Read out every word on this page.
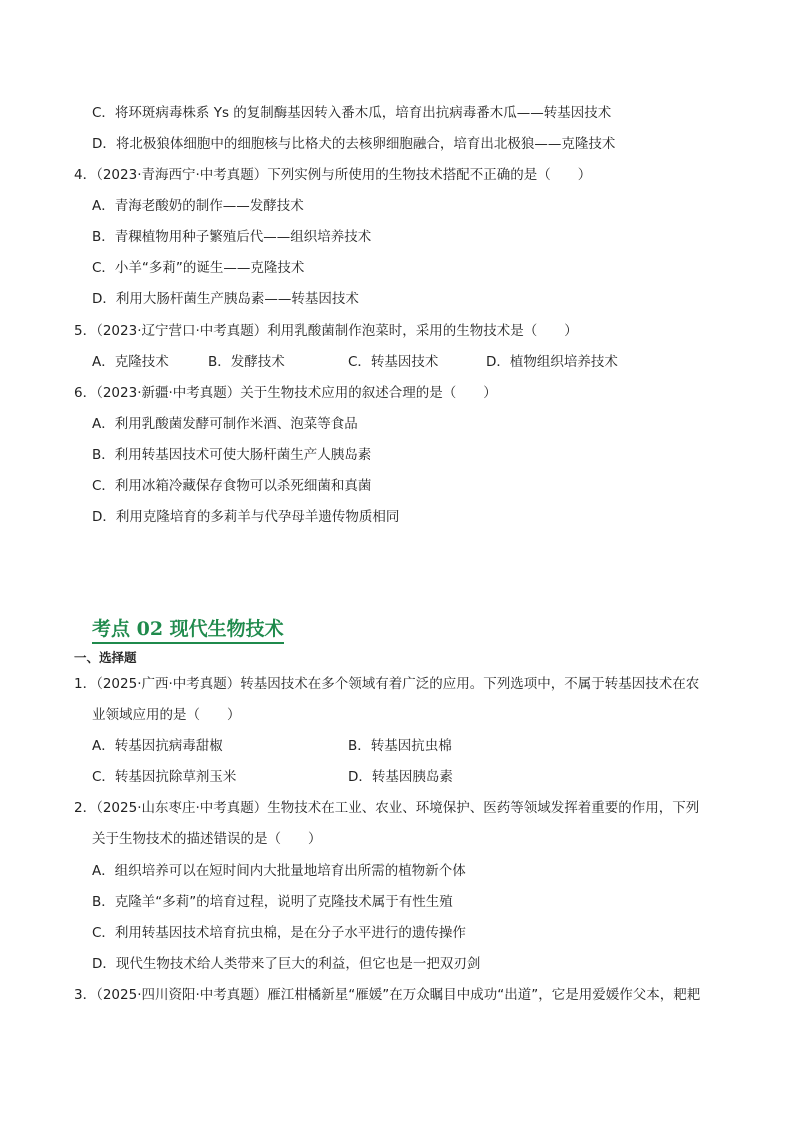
C．将环斑病毒株系 Ys 的复制酶基因转入番木瓜，培育出抗病毒番木瓜——转基因技术
D．将北极狼体细胞中的细胞核与比格犬的去核卵细胞融合，培育出北极狼——克隆技术
4．（2023·青海西宁·中考真题）下列实例与所使用的生物技术搭配不正确的是（　　）
A．青海老酸奶的制作——发酵技术
B．青稞植物用种子繁殖后代——组织培养技术
C．小羊“多莉”的诞生——克隆技术
D．利用大肠杆菌生产胰岛素——转基因技术
5．（2023·辽宁营口·中考真题）利用乳酸菌制作泡菜时，采用的生物技术是（　　）
A．克隆技术	B．发酵技术	C．转基因技术	D．植物组织培养技术
6．（2023·新疆·中考真题）关于生物技术应用的叙述合理的是（　　）
A．利用乳酸菌发酵可制作米酒、泡菜等食品
B．利用转基因技术可使大肠杆菌生产人胰岛素
C．利用冰箱冷藏保存食物可以杀死细菌和真菌
D．利用克隆培育的多莉羊与代孕母羊遗传物质相同
考点 02 现代生物技术
一、选择题
1．（2025·广西·中考真题）转基因技术在多个领域有着广泛的应用。下列选项中，不属于转基因技术在农
业领域应用的是（　　）
A．转基因抗病毒甜椒	B．转基因抗虫棉
C．转基因抗除草剂玉米	D．转基因胰岛素
2．（2025·山东枣庄·中考真题）生物技术在工业、农业、环境保护、医药等领域发挥着重要的作用，下列
关于生物技术的描述错误的是（　　）
A．组织培养可以在短时间内大批量地培育出所需的植物新个体
B．克隆羊“多莉”的培育过程，说明了克隆技术属于有性生殖
C．利用转基因技术培育抗虫棉，是在分子水平进行的遗传操作
D．现代生物技术给人类带来了巨大的利益，但它也是一把双刃剑
3．（2025·四川资阳·中考真题）雁江柑橘新星“雁媛”在万众瞩目中成功“出道”，它是用爱媛作父本，耙耙
